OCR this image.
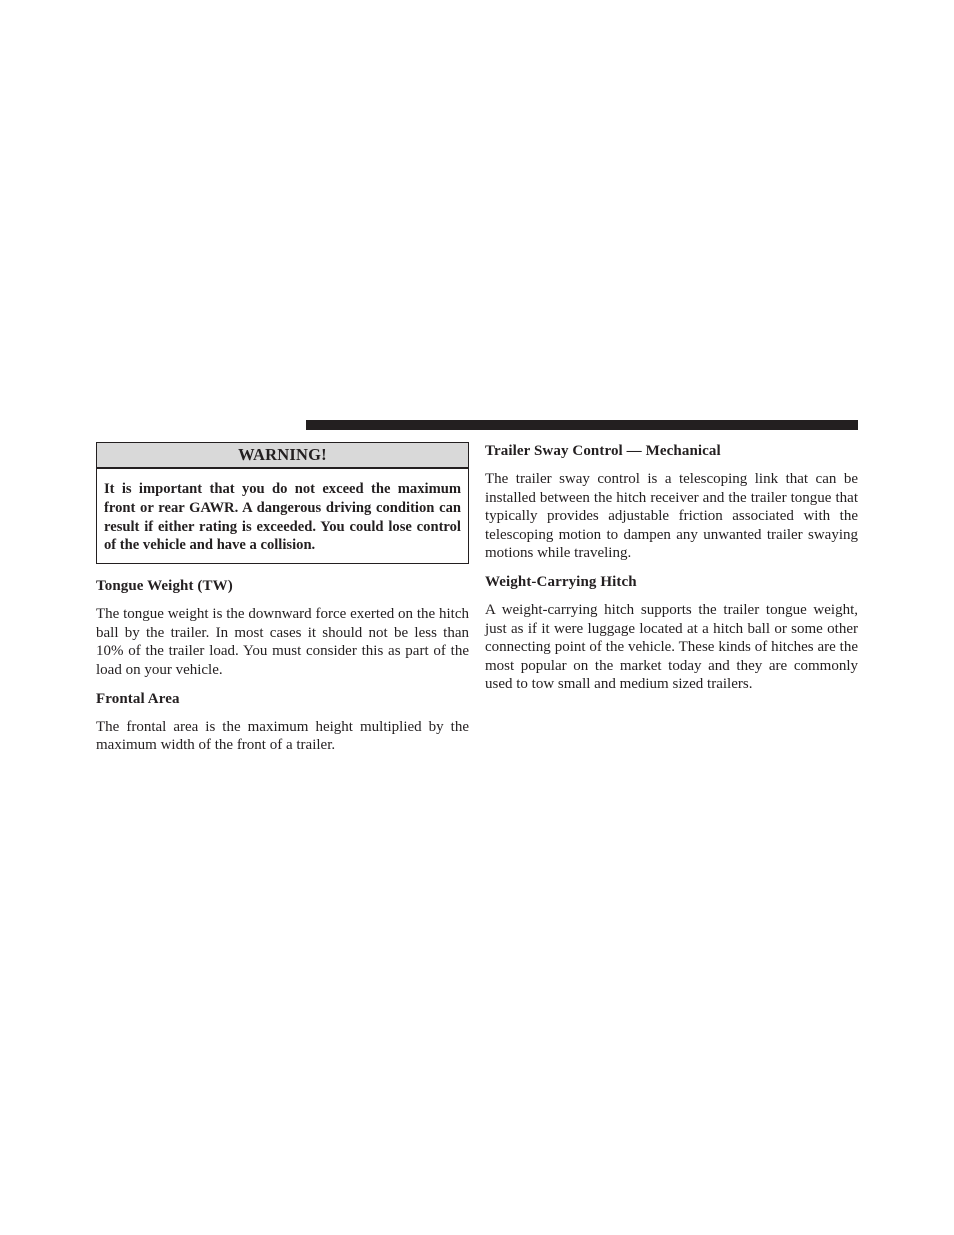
WARNING!
It is important that you do not exceed the maximum front or rear GAWR. A dangerous driving condition can result if either rating is exceeded. You could lose control of the vehicle and have a collision.
Tongue Weight (TW)

The tongue weight is the downward force exerted on the hitch ball by the trailer. In most cases it should not be less than 10% of the trailer load. You must consider this as part of the load on your vehicle.

Frontal Area

The frontal area is the maximum height multiplied by the maximum width of the front of a trailer.

Trailer Sway Control — Mechanical

The trailer sway control is a telescoping link that can be installed between the hitch receiver and the trailer tongue that typically provides adjustable friction associated with the telescoping motion to dampen any unwanted trailer swaying motions while traveling.

Weight-Carrying Hitch

A weight-carrying hitch supports the trailer tongue weight, just as if it were luggage located at a hitch ball or some other connecting point of the vehicle. These kinds of hitches are the most popular on the market today and they are commonly used to tow small and medium sized trailers.
